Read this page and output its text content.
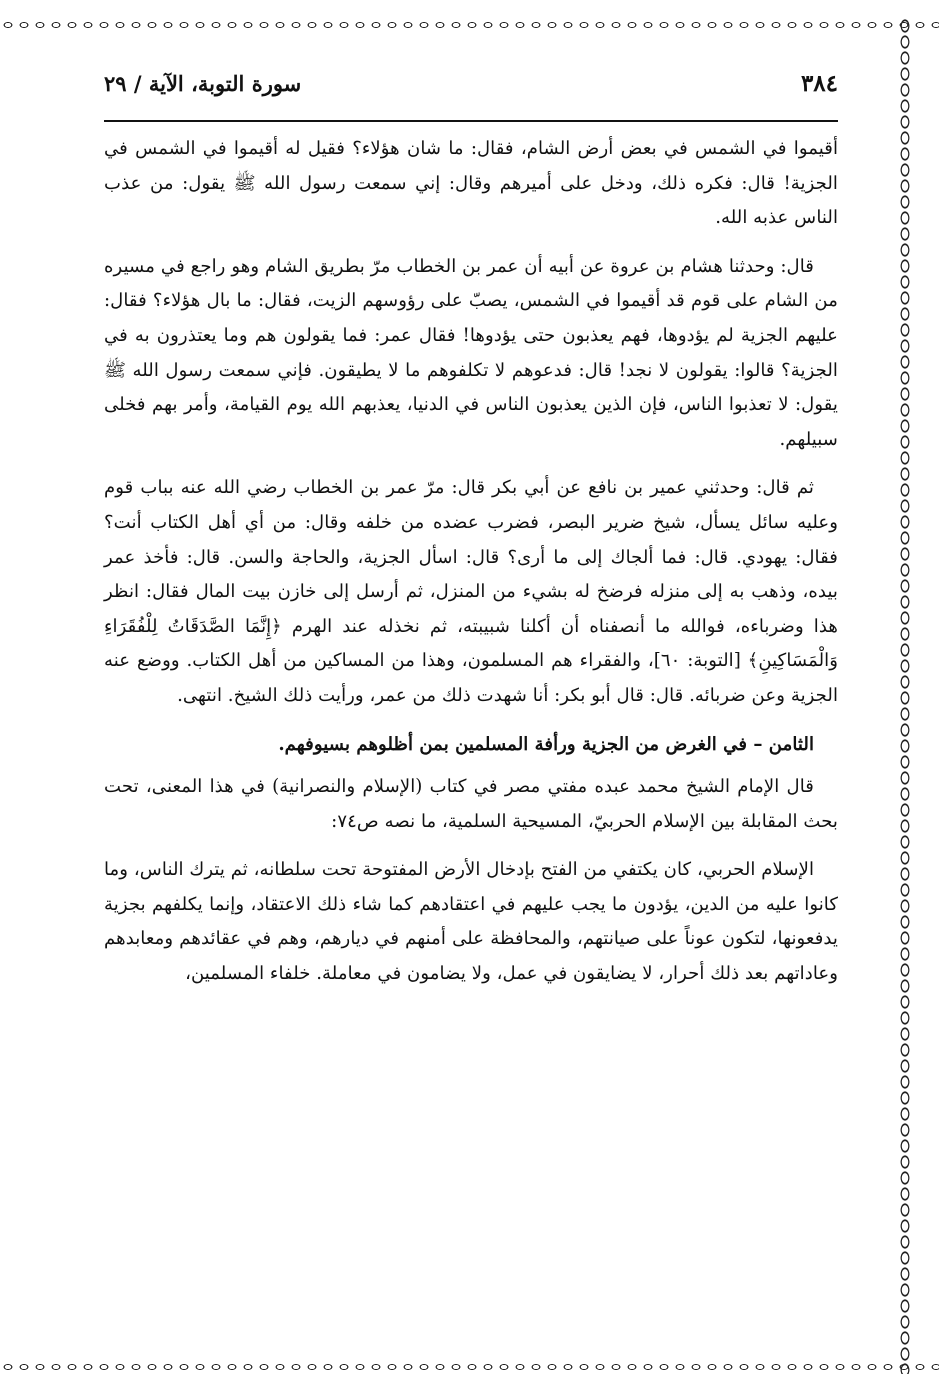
٣٨٤
سورة التوبة، الآية / ٢٩

أقيموا في الشمس في بعض أرض الشام، فقال: ما شان هؤلاء؟ فقيل له أقيموا في الشمس في الجزية! قال: فكره ذلك، ودخل على أميرهم وقال: إني سمعت رسول الله ﷺ يقول: من عذب الناس عذبه الله.

قال: وحدثنا هشام بن عروة عن أبيه أن عمر بن الخطاب مرّ بطريق الشام وهو راجع في مسيره من الشام على قوم قد أقيموا في الشمس، يصبّ على رؤوسهم الزيت، فقال: ما بال هؤلاء؟ فقال: عليهم الجزية لم يؤدوها، فهم يعذبون حتى يؤدوها! فقال عمر: فما يقولون هم وما يعتذرون به في الجزية؟ قالوا: يقولون لا نجد! قال: فدعوهم لا تكلفوهم ما لا يطيقون. فإني سمعت رسول الله ﷺ يقول: لا تعذبوا الناس، فإن الذين يعذبون الناس في الدنيا، يعذبهم الله يوم القيامة، وأمر بهم فخلى سبيلهم.

ثم قال: وحدثني عمير بن نافع عن أبي بكر قال: مرّ عمر بن الخطاب رضي الله عنه بباب قوم وعليه سائل يسأل، شيخ ضرير البصر، فضرب عضده من خلفه وقال: من أي أهل الكتاب أنت؟ فقال: يهودي. قال: فما ألجاك إلى ما أرى؟ قال: اسأل الجزية، والحاجة والسن. قال: فأخذ عمر بيده، وذهب به إلى منزله فرضخ له بشيء من المنزل، ثم أرسل إلى خازن بيت المال فقال: انظر هذا وضرباءه، فوالله ما أنصفناه أن أكلنا شبيبته، ثم نخذله عند الهرم ﴿إِنَّمَا الصَّدَقَاتُ لِلْفُقَرَاءِ وَالْمَسَاكِينِ﴾ [التوبة: ٦٠]، والفقراء هم المسلمون، وهذا من المساكين من أهل الكتاب. ووضع عنه الجزية وعن ضربائه. قال: قال أبو بكر: أنا شهدت ذلك من عمر، ورأيت ذلك الشيخ. انتهى.

الثامن – في الغرض من الجزية ورأفة المسلمين بمن أظلوهم بسيوفهم.

قال الإمام الشيخ محمد عبده مفتي مصر في كتاب (الإسلام والنصرانية) في هذا المعنى، تحت بحث المقابلة بين الإسلام الحربيّ، المسيحية السلمية، ما نصه ص٧٤:

الإسلام الحربي، كان يكتفي من الفتح بإدخال الأرض المفتوحة تحت سلطانه، ثم يترك الناس، وما كانوا عليه من الدين، يؤدون ما يجب عليهم في اعتقادهم كما شاء ذلك الاعتقاد، وإنما يكلفهم بجزية يدفعونها، لتكون عوناً على صيانتهم، والمحافظة على أمنهم في ديارهم، وهم في عقائدهم ومعابدهم وعاداتهم بعد ذلك أحرار، لا يضايقون في عمل، ولا يضامون في معاملة. خلفاء المسلمين،
